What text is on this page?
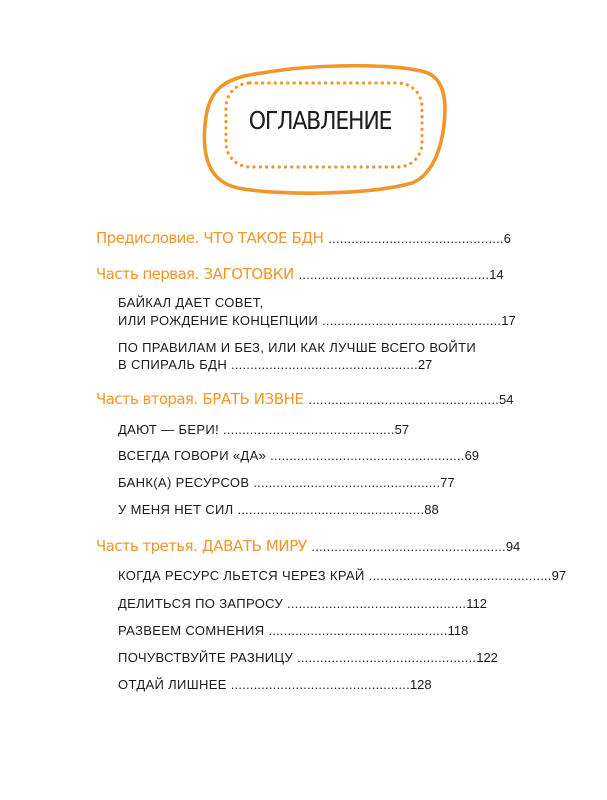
ОГЛАВЛЕНИЕ
Предисловие. ЧТО ТАКОЕ БДН ..............................................6
Часть первая. ЗАГОТОВКИ ..................................................14
БАЙКАЛ ДАЕТ СОВЕТ,
ИЛИ РОЖДЕНИЕ КОНЦЕПЦИИ ...............................................17
ПО ПРАВИЛАМ И БЕЗ, ИЛИ КАК ЛУЧШЕ ВСЕГО ВОЙТИ
В СПИРАЛЬ БДН .................................................27
Часть вторая. БРАТЬ ИЗВНЕ ..................................................54
ДАЮТ — БЕРИ! .............................................57
ВСЕГДА ГОВОРИ «ДА» ...................................................69
БАНК(А) РЕСУРСОВ .................................................77
У МЕНЯ НЕТ СИЛ .................................................88
Часть третья. ДАВАТЬ МИРУ ...................................................94
КОГДА РЕСУРС ЛЬЕТСЯ ЧЕРЕЗ КРАЙ ................................................97
ДЕЛИТЬСЯ ПО ЗАПРОСУ ...............................................112
РАЗВЕЕМ СОМНЕНИЯ ...............................................118
ПОЧУВСТВУЙТЕ РАЗНИЦУ ...............................................122
ОТДАЙ ЛИШНЕЕ ...............................................128
